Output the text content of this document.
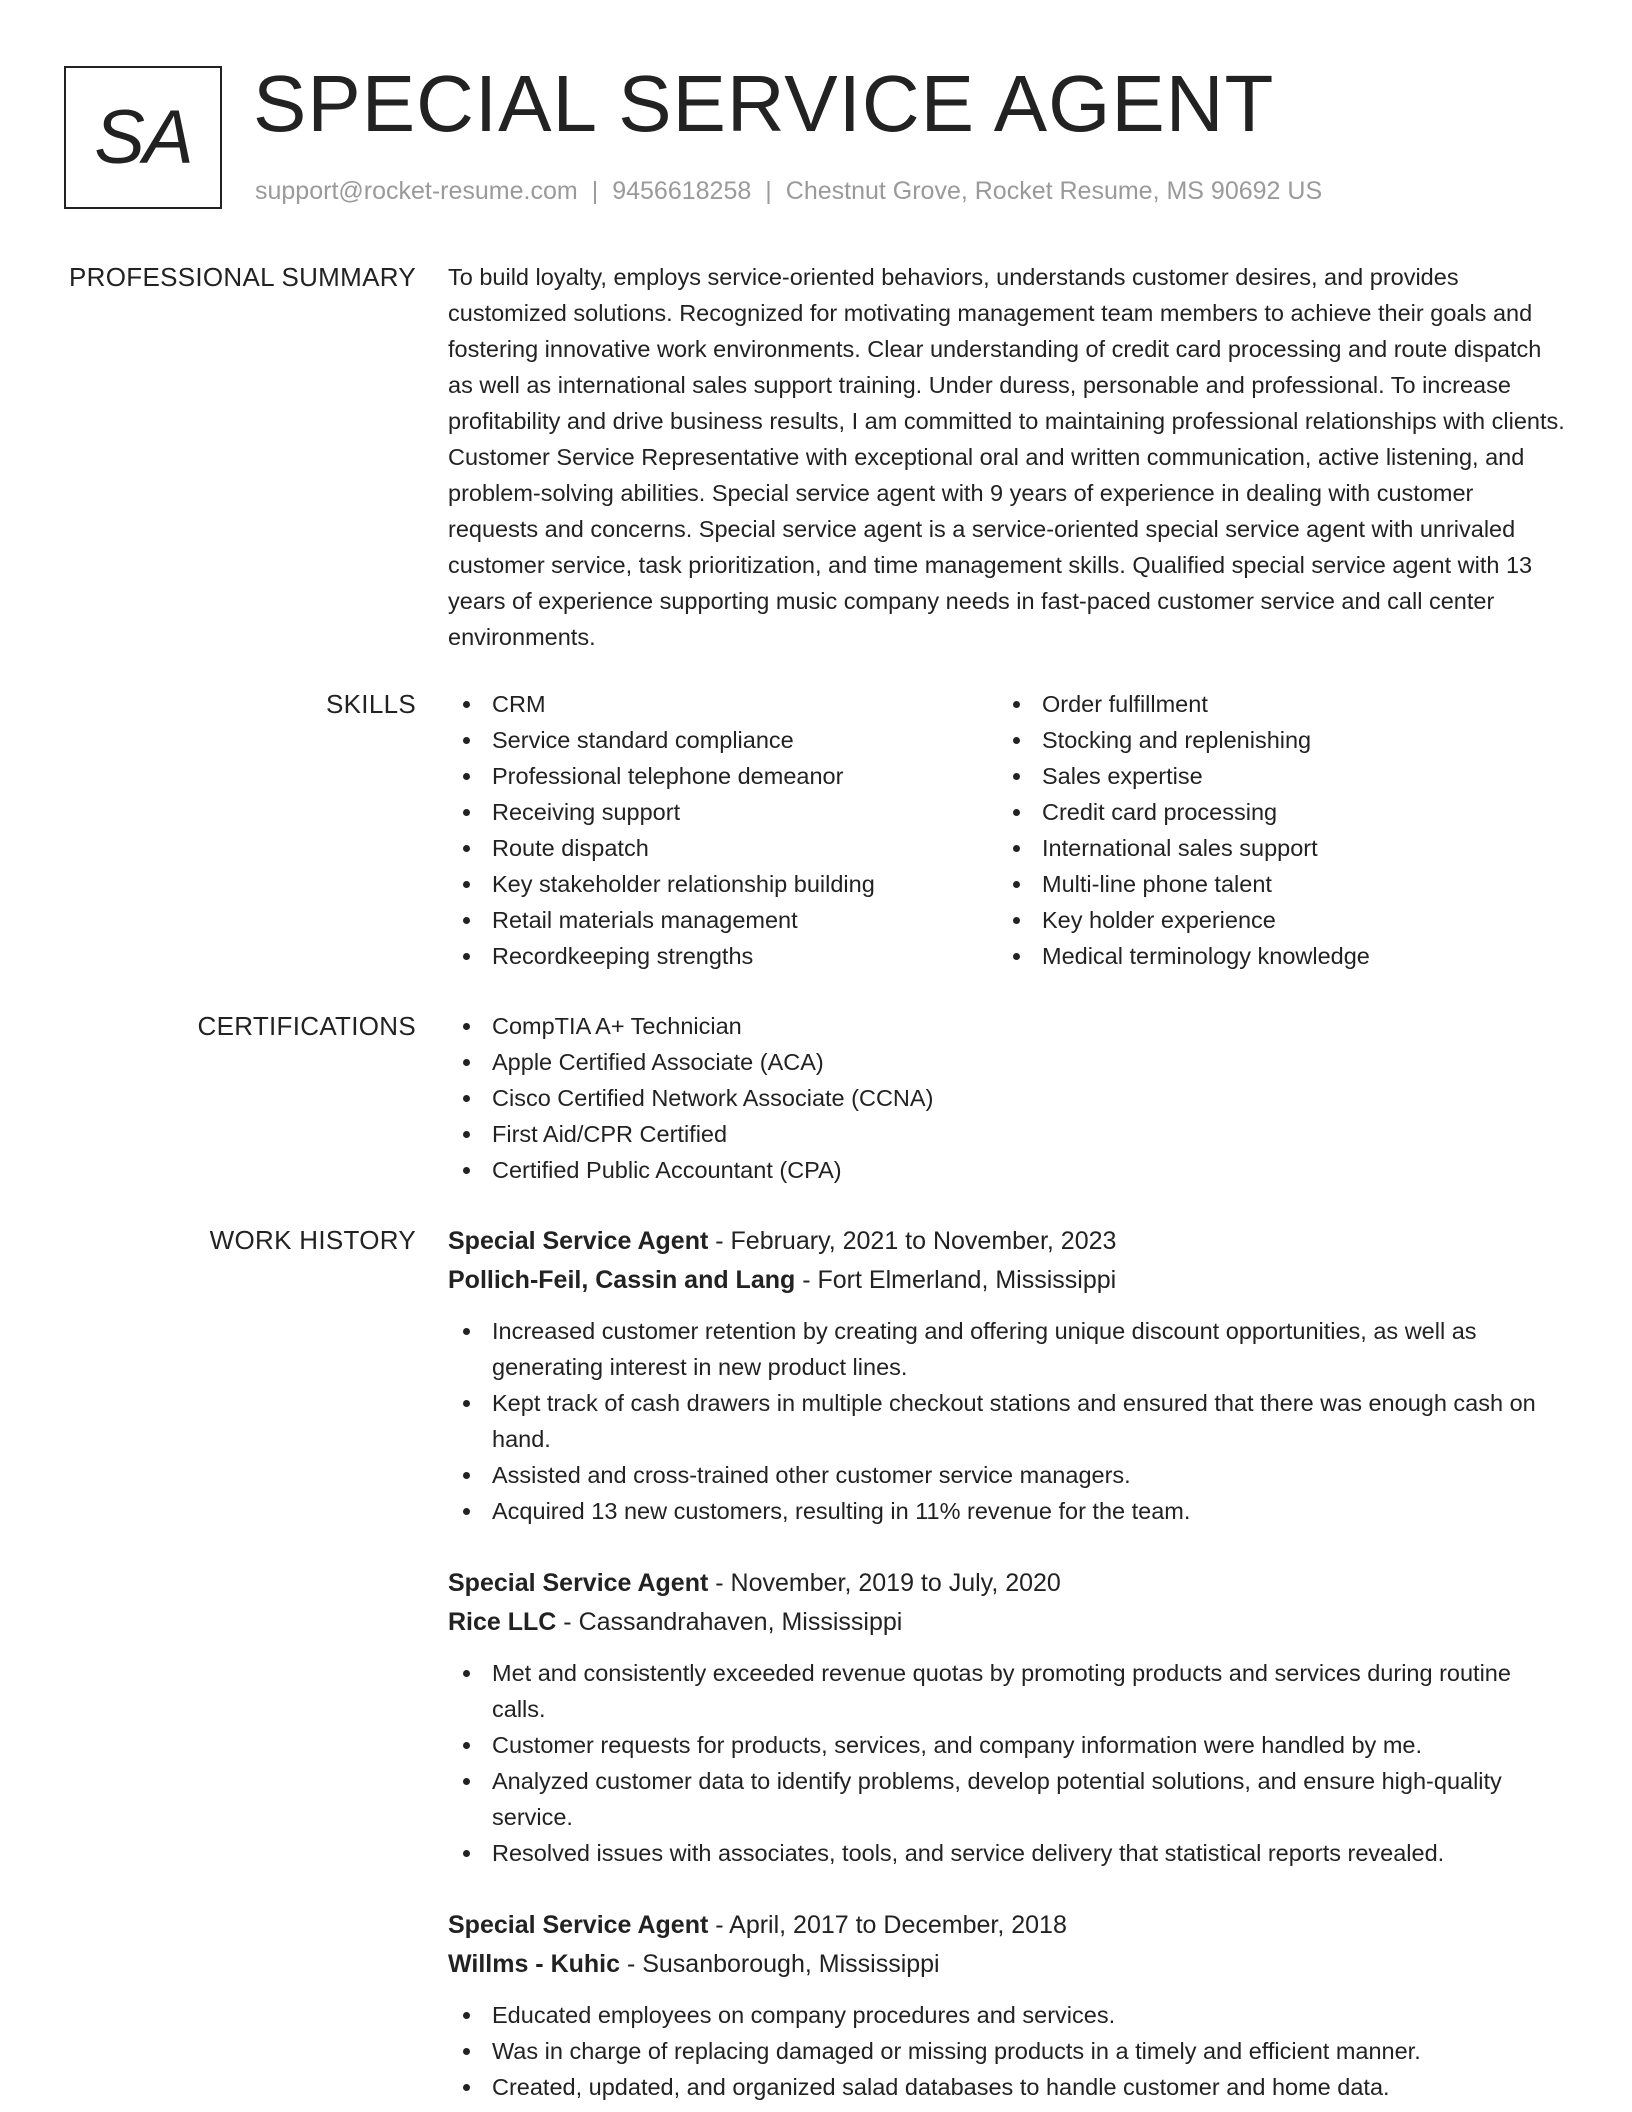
SA SPECIAL SERVICE AGENT
support@rocket-resume.com | 9456618258 | Chestnut Grove, Rocket Resume, MS 90692 US
PROFESSIONAL SUMMARY To build loyalty, employs service-oriented behaviors, understands customer desires, and provides customized solutions. Recognized for motivating management team members to achieve their goals and fostering innovative work environments. Clear understanding of credit card processing and route dispatch as well as international sales support training. Under duress, personable and professional. To increase profitability and drive business results, I am committed to maintaining professional relationships with clients. Customer Service Representative with exceptional oral and written communication, active listening, and problem-solving abilities. Special service agent with 9 years of experience in dealing with customer requests and concerns. Special service agent is a service-oriented special service agent with unrivaled customer service, task prioritization, and time management skills. Qualified special service agent with 13 years of experience supporting music company needs in fast-paced customer service and call center environments.

SKILLS	CRM
Service standard compliance
Professional telephone demeanor
Receiving support
Route dispatch
Key stakeholder relationship building
Retail materials management
Recordkeeping strengths
Order fulfillment
Stocking and replenishing
Sales expertise
Credit card processing
International sales support
Multi-line phone talent
Key holder experience
Medical terminology knowledge
CERTIFICATIONS	CompTIA A+ Technician
Apple Certified Associate (ACA)
Cisco Certified Network Associate (CCNA)
First Aid/CPR Certified
Certified Public Accountant (CPA)
WORK HISTORY Special Service Agent - February, 2021 to November, 2023
Pollich-Feil, Cassin and Lang - Fort Elmerland, Mississippi
Increased customer retention by creating and offering unique discount opportunities, as well as generating interest in new product lines.
Kept track of cash drawers in multiple checkout stations and ensured that there was enough cash on hand.
Assisted and cross-trained other customer service managers.
Acquired 13 new customers, resulting in 11% revenue for the team.
Special Service Agent - November, 2019 to July, 2020
Rice LLC - Cassandrahaven, Mississippi
Met and consistently exceeded revenue quotas by promoting products and services during routine calls.
Customer requests for products, services, and company information were handled by me.
Analyzed customer data to identify problems, develop potential solutions, and ensure high-quality service.
Resolved issues with associates, tools, and service delivery that statistical reports revealed.
Special Service Agent - April, 2017 to December, 2018
Willms - Kuhic - Susanborough, Mississippi
Educated employees on company procedures and services.
Was in charge of replacing damaged or missing products in a timely and efficient manner.
Created, updated, and organized salad databases to handle customer and home data.
